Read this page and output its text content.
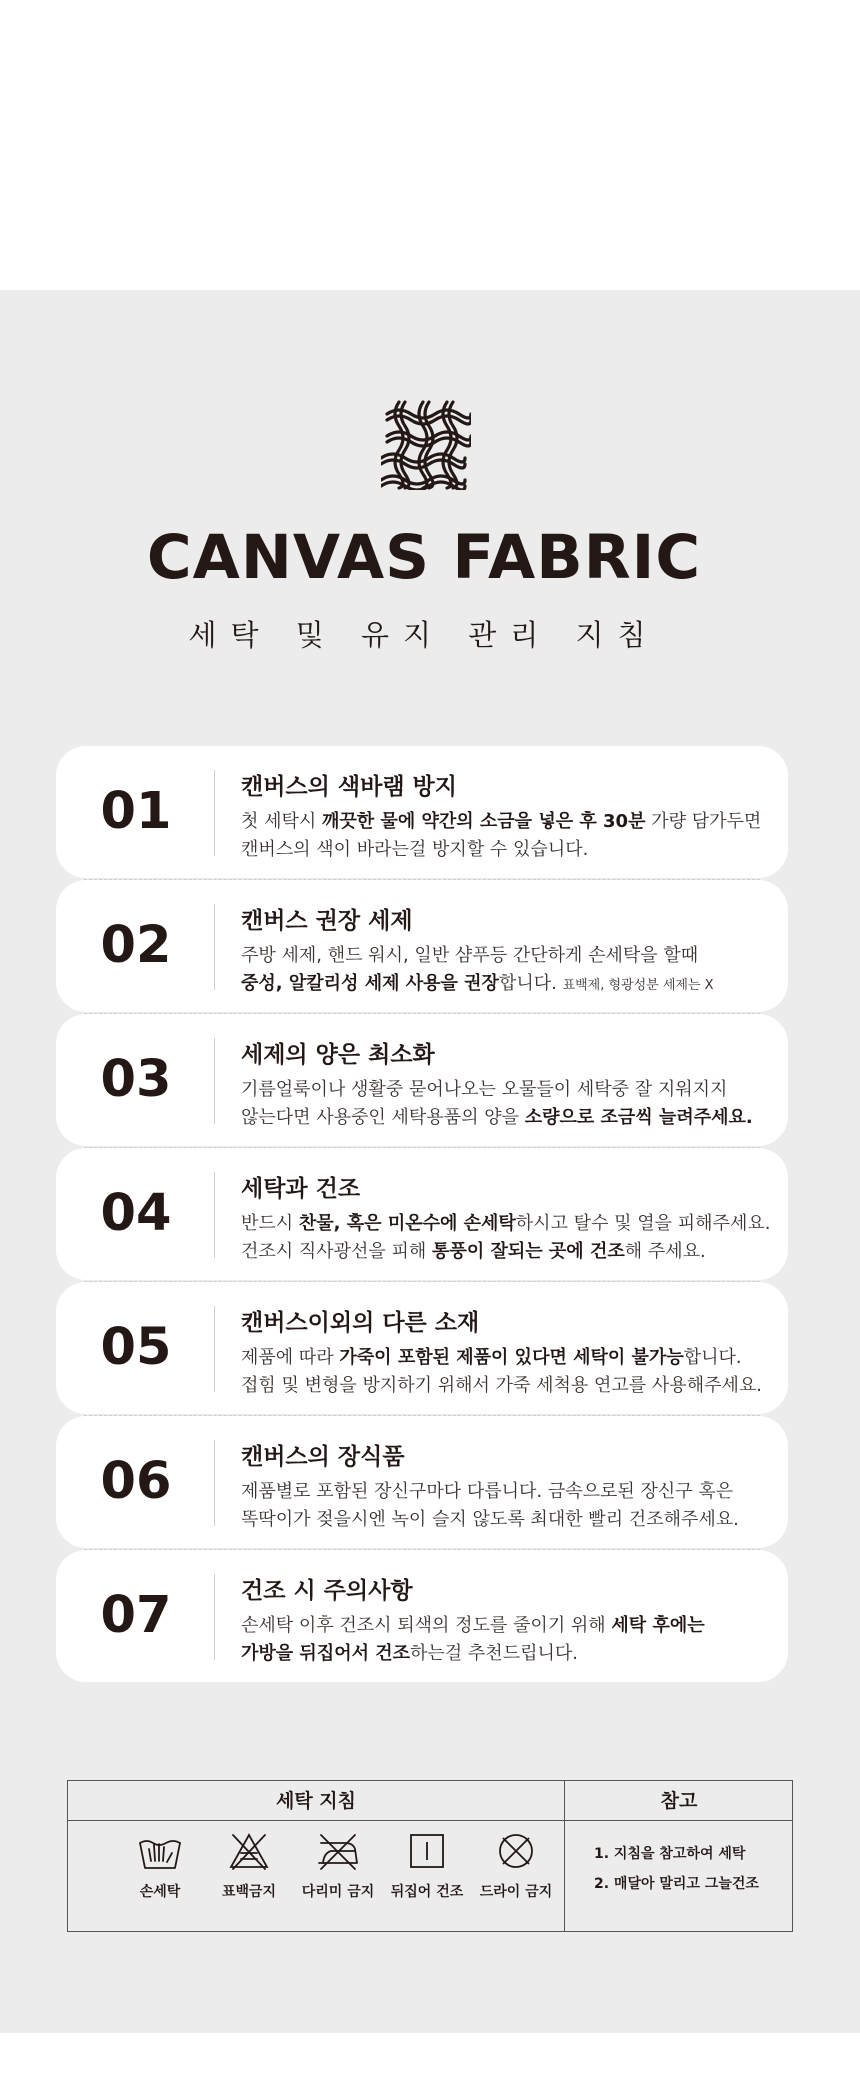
CANVAS FABRIC
세탁 및 유지 관리 지침
01	캔버스의 색바램 방지
첫 세탁시 깨끗한 물에 약간의 소금을 넣은 후 30분 가량 담가두면
캔버스의 색이 바라는걸 방지할 수 있습니다.
02	캔버스 권장 세제
주방 세제, 핸드 워시, 일반 샴푸등 간단하게 손세탁을 할때
중성, 알칼리성 세제 사용을 권장합니다. 표백제, 형광성분 세제는 X
03	세제의 양은 최소화
기름얼룩이나 생활중 묻어나오는 오물들이 세탁중 잘 지워지지
않는다면 사용중인 세탁용품의 양을 소량으로 조금씩 늘려주세요.
04	세탁과 건조
반드시 찬물, 혹은 미온수에 손세탁하시고 탈수 및 열을 피해주세요.
건조시 직사광선을 피해 통풍이 잘되는 곳에 건조해 주세요.
05	캔버스이외의 다른 소재
제품에 따라 가죽이 포함된 제품이 있다면 세탁이 불가능합니다.
접힘 및 변형을 방지하기 위해서 가죽 세척용 연고를 사용해주세요.
06	캔버스의 장식품
제품별로 포함된 장신구마다 다릅니다. 금속으로된 장신구 혹은
똑딱이가 젖을시엔 녹이 슬지 않도록 최대한 빨리 건조해주세요.
07	건조 시 주의사항
손세탁 이후 건조시 퇴색의 정도를 줄이기 위해 세탁 후에는
가방을 뒤집어서 건조하는걸 추천드립니다.
세탁 지침	참고
손세탁	표백금지	다리미 금지	뒤집어 건조	드라이 금지
1. 지침을 참고하여 세탁
2. 매달아 말리고 그늘건조
